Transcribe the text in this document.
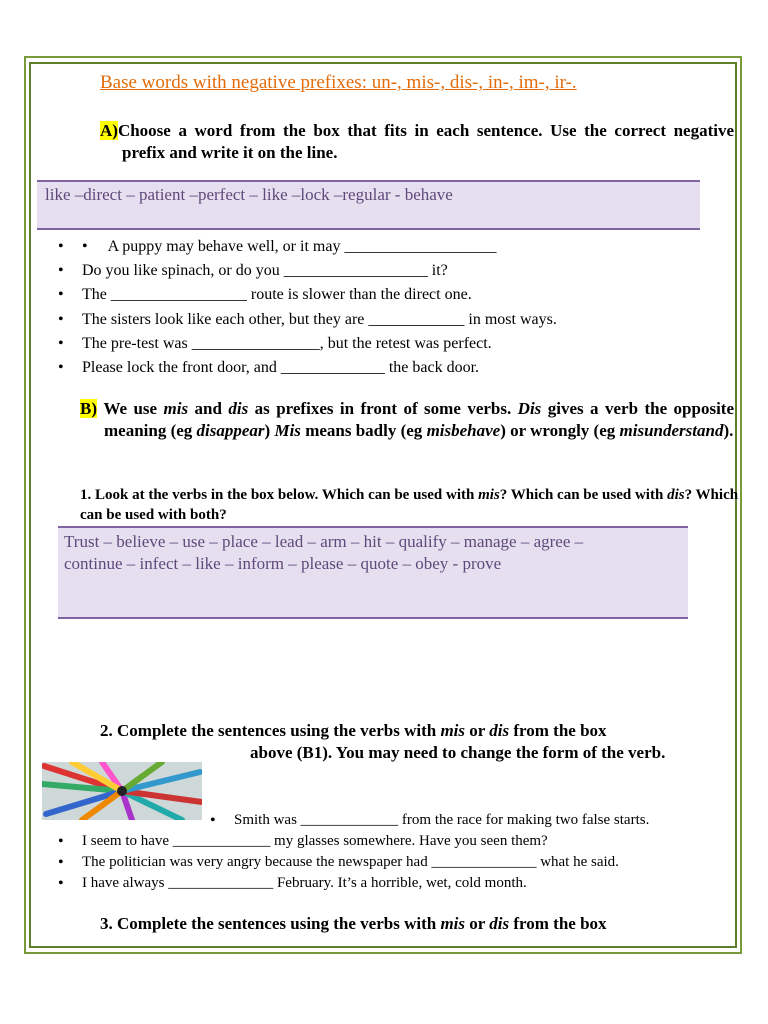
Base words with negative prefixes: un-, mis-, dis-, in-, im-, ir-.
A)Choose a word from the box that fits in each sentence. Use the correct negative prefix and write it on the line.
like –direct – patient –perfect – like –lock –regular - behave
• • A puppy may behave well, or it may ___________________
• Do you like spinach, or do you __________________ it?
• The _________________ route is slower than the direct one.
• The sisters look like each other, but they are ____________ in most ways.
• The pre-test was ________________, but the retest was perfect.
• Please lock the front door, and _____________ the back door.
B) We use mis and dis as prefixes in front of some verbs. Dis gives a verb the opposite meaning (eg disappear) Mis means badly (eg misbehave) or wrongly (eg misunderstand).
1. Look at the verbs in the box below. Which can be used with mis? Which can be used with dis? Which can be used with both?
Trust – believe – use – place – lead – arm – hit – qualify – manage – agree –
continue – infect – like – inform – please – quote – obey - prove
2. Complete the sentences using the verbs with mis or dis from the box
above (B1). You may need to change the form of the verb.
• Smith was _____________ from the race for making two false starts.
• I seem to have _____________ my glasses somewhere. Have you seen them?
• The politician was very angry because the newspaper had ______________ what he said.
• I have always ______________ February. It’s a horrible, wet, cold month.
3. Complete the sentences using the verbs with mis or dis from the box
